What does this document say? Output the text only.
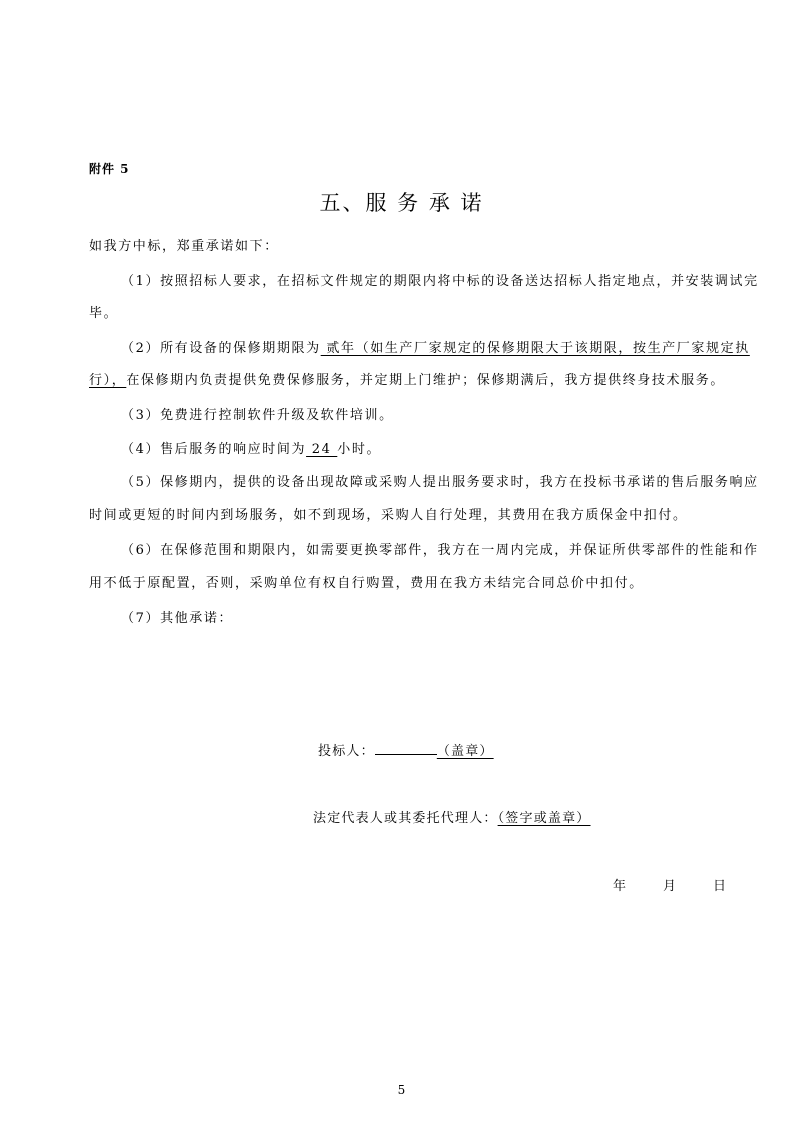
附件 5
五、服 务 承 诺
如我方中标，郑重承诺如下：
（1）按照招标人要求，在招标文件规定的期限内将中标的设备送达招标人指定地点，并安装调试完
毕。
（2）所有设备的保修期期限为 贰年（如生产厂家规定的保修期限大于该期限，按生产厂家规定执
行），在保修期内负责提供免费保修服务，并定期上门维护；保修期满后，我方提供终身技术服务。
（3）免费进行控制软件升级及软件培训。
（4）售后服务的响应时间为 24 小时。
（5）保修期内，提供的设备出现故障或采购人提出服务要求时，我方在投标书承诺的售后服务响应
时间或更短的时间内到场服务，如不到现场，采购人自行处理，其费用在我方质保金中扣付。
（6）在保修范围和期限内，如需要更换零部件，我方在一周内完成，并保证所供零部件的性能和作
用不低于原配置，否则，采购单位有权自行购置，费用在我方未结完合同总价中扣付。
（7）其他承诺：
投标人：	（盖章）
法定代表人或其委托代理人：（签字或盖章）
年	月	日
5
